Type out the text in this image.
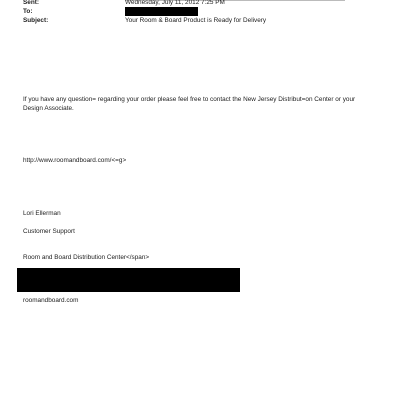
Sent:	Wednesday, July 11, 2012 7:25 PM
To:
Subject:	Your Room & Board Product is Ready for Delivery
If you have any question= regarding your order please feel free to contact the New Jersey Distribut=on Center or your
Design Associate.
http://www.roomandboard.com/<=g>
Lori Ellerman
Customer Support
Room and Board Distribution Center</span>
roomandboard.com
